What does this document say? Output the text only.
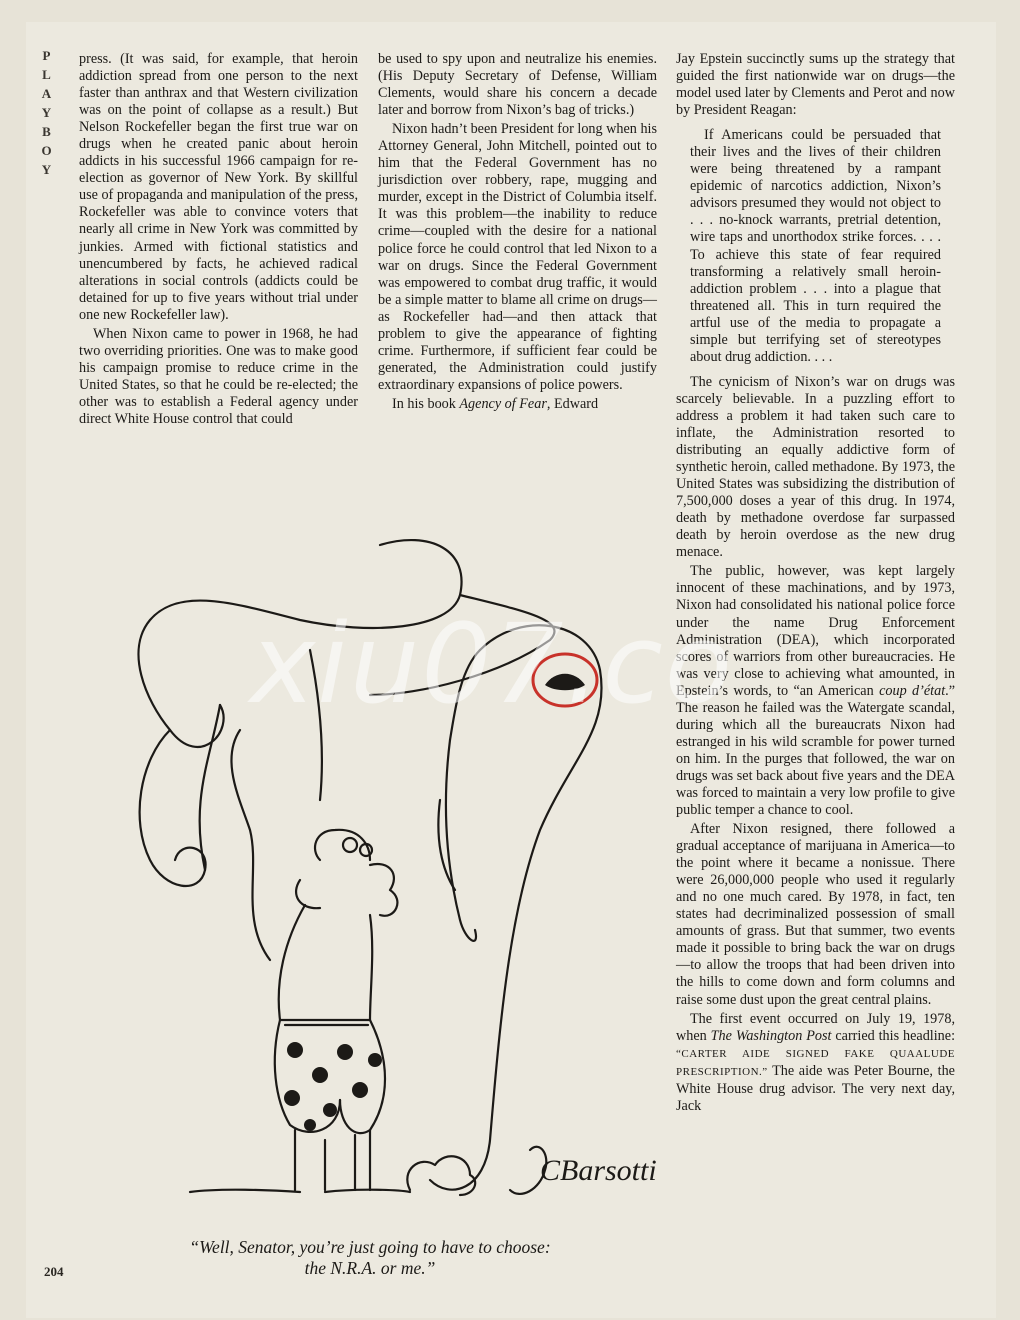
P
L
A
Y
B
O
Y

press. (It was said, for example, that heroin addiction spread from one person to the next faster than anthrax and that Western civilization was on the point of collapse as a result.) But Nelson Rockefeller began the first true war on drugs when he created panic about heroin addicts in his successful 1966 campaign for re-election as governor of New York. By skillful use of propaganda and manipulation of the press, Rockefeller was able to convince voters that nearly all crime in New York was committed by junkies. Armed with fictional statistics and unencumbered by facts, he achieved radical alterations in social controls (addicts could be detained for up to five years without trial under one new Rockefeller law).

When Nixon came to power in 1968, he had two overriding priorities. One was to make good his campaign promise to reduce crime in the United States, so that he could be re-elected; the other was to establish a Federal agency under direct White House control that could

be used to spy upon and neutralize his enemies. (His Deputy Secretary of Defense, William Clements, would share his concern a decade later and borrow from Nixon’s bag of tricks.)

Nixon hadn’t been President for long when his Attorney General, John Mitchell, pointed out to him that the Federal Government has no jurisdiction over robbery, rape, mugging and murder, except in the District of Columbia itself. It was this problem—the inability to reduce crime—coupled with the desire for a national police force he could control that led Nixon to a war on drugs. Since the Federal Government was empowered to combat drug traffic, it would be a simple matter to blame all crime on drugs—as Rockefeller had—and then attack that problem to give the appearance of fighting crime. Furthermore, if sufficient fear could be generated, the Administration could justify extraordinary expansions of police powers.

In his book Agency of Fear, Edward

Jay Epstein succinctly sums up the strategy that guided the first nationwide war on drugs—the model used later by Clements and Perot and now by President Reagan:

If Americans could be persuaded that their lives and the lives of their children were being threatened by a rampant epidemic of narcotics addiction, Nixon’s advisors presumed they would not object to . . . no-knock warrants, pretrial detention, wire taps and unorthodox strike forces. . . . To achieve this state of fear required transforming a relatively small heroin-addiction problem . . . into a plague that threatened all. This in turn required the artful use of the media to propagate a simple but terrifying set of stereotypes about drug addiction. . . .

The cynicism of Nixon’s war on drugs was scarcely believable. In a puzzling effort to address a problem it had taken such care to inflate, the Administration resorted to distributing an equally addictive form of synthetic heroin, called methadone. By 1973, the United States was subsidizing the distribution of 7,500,000 doses a year of this drug. In 1974, death by methadone overdose far surpassed death by heroin overdose as the new drug menace.

The public, however, was kept largely innocent of these machinations, and by 1973, Nixon had consolidated his national police force under the name Drug Enforcement Administration (DEA), which incorporated scores of warriors from other bureaucracies. He was very close to achieving what amounted, in Epstein’s words, to “an American coup d’état.” The reason he failed was the Watergate scandal, during which all the bureaucrats Nixon had estranged in his wild scramble for power turned on him. In the purges that followed, the war on drugs was set back about five years and the DEA was forced to maintain a very low profile to give public temper a chance to cool.

After Nixon resigned, there followed a gradual acceptance of marijuana in America—to the point where it became a nonissue. There were 26,000,000 people who used it regularly and no one much cared. By 1978, in fact, ten states had decriminalized possession of small amounts of grass. But that summer, two events made it possible to bring back the war on drugs—to allow the troops that had been driven into the hills to come down and form columns and raise some dust upon the great central plains.

The first event occurred on July 19, 1978, when The Washington Post carried this headline: “CARTER AIDE SIGNED FAKE QUAALUDE PRESCRIPTION.” The aide was Peter Bourne, the White House drug advisor. The very next day, Jack

CBarsotti
“Well, Senator, you’re just going to have to choose:
the N.R.A. or me.”
204
xiu07.co
